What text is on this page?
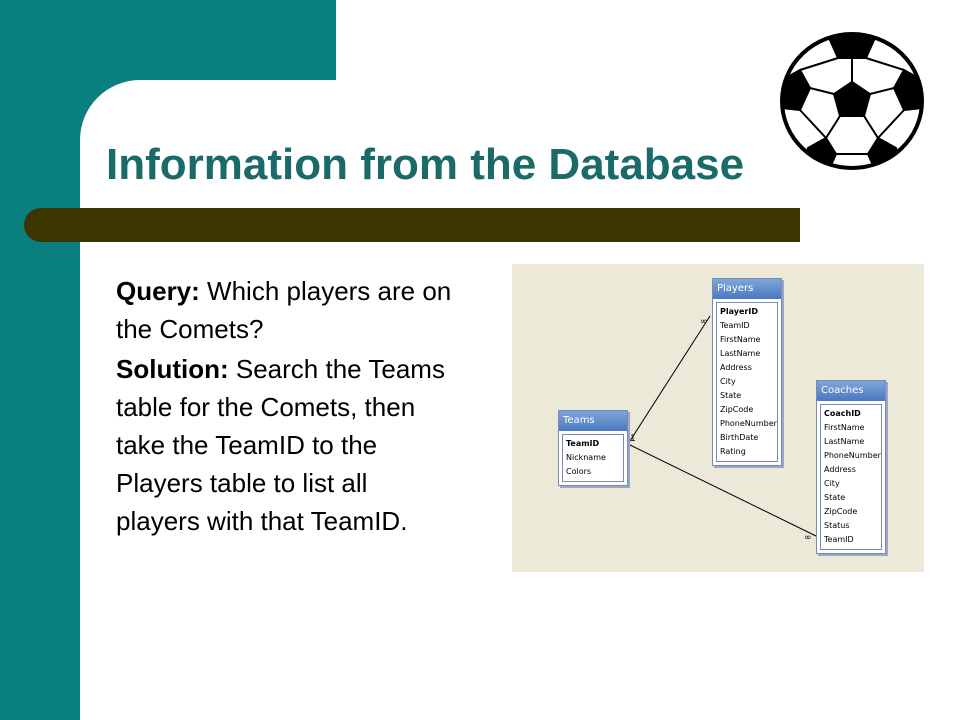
Information from the Database

Query: Which players are on the Comets?

Solution: Search the Teams table for the Comets, then take the TeamID to the Players table to list all players with that TeamID.

1
∞
∞
Teams
TeamID
Nickname
Colors
Players
PlayerID
TeamID
FirstName
LastName
Address
City
State
ZipCode
PhoneNumber
BirthDate
Rating
Coaches
CoachID
FirstName
LastName
PhoneNumber
Address
City
State
ZipCode
Status
TeamID
